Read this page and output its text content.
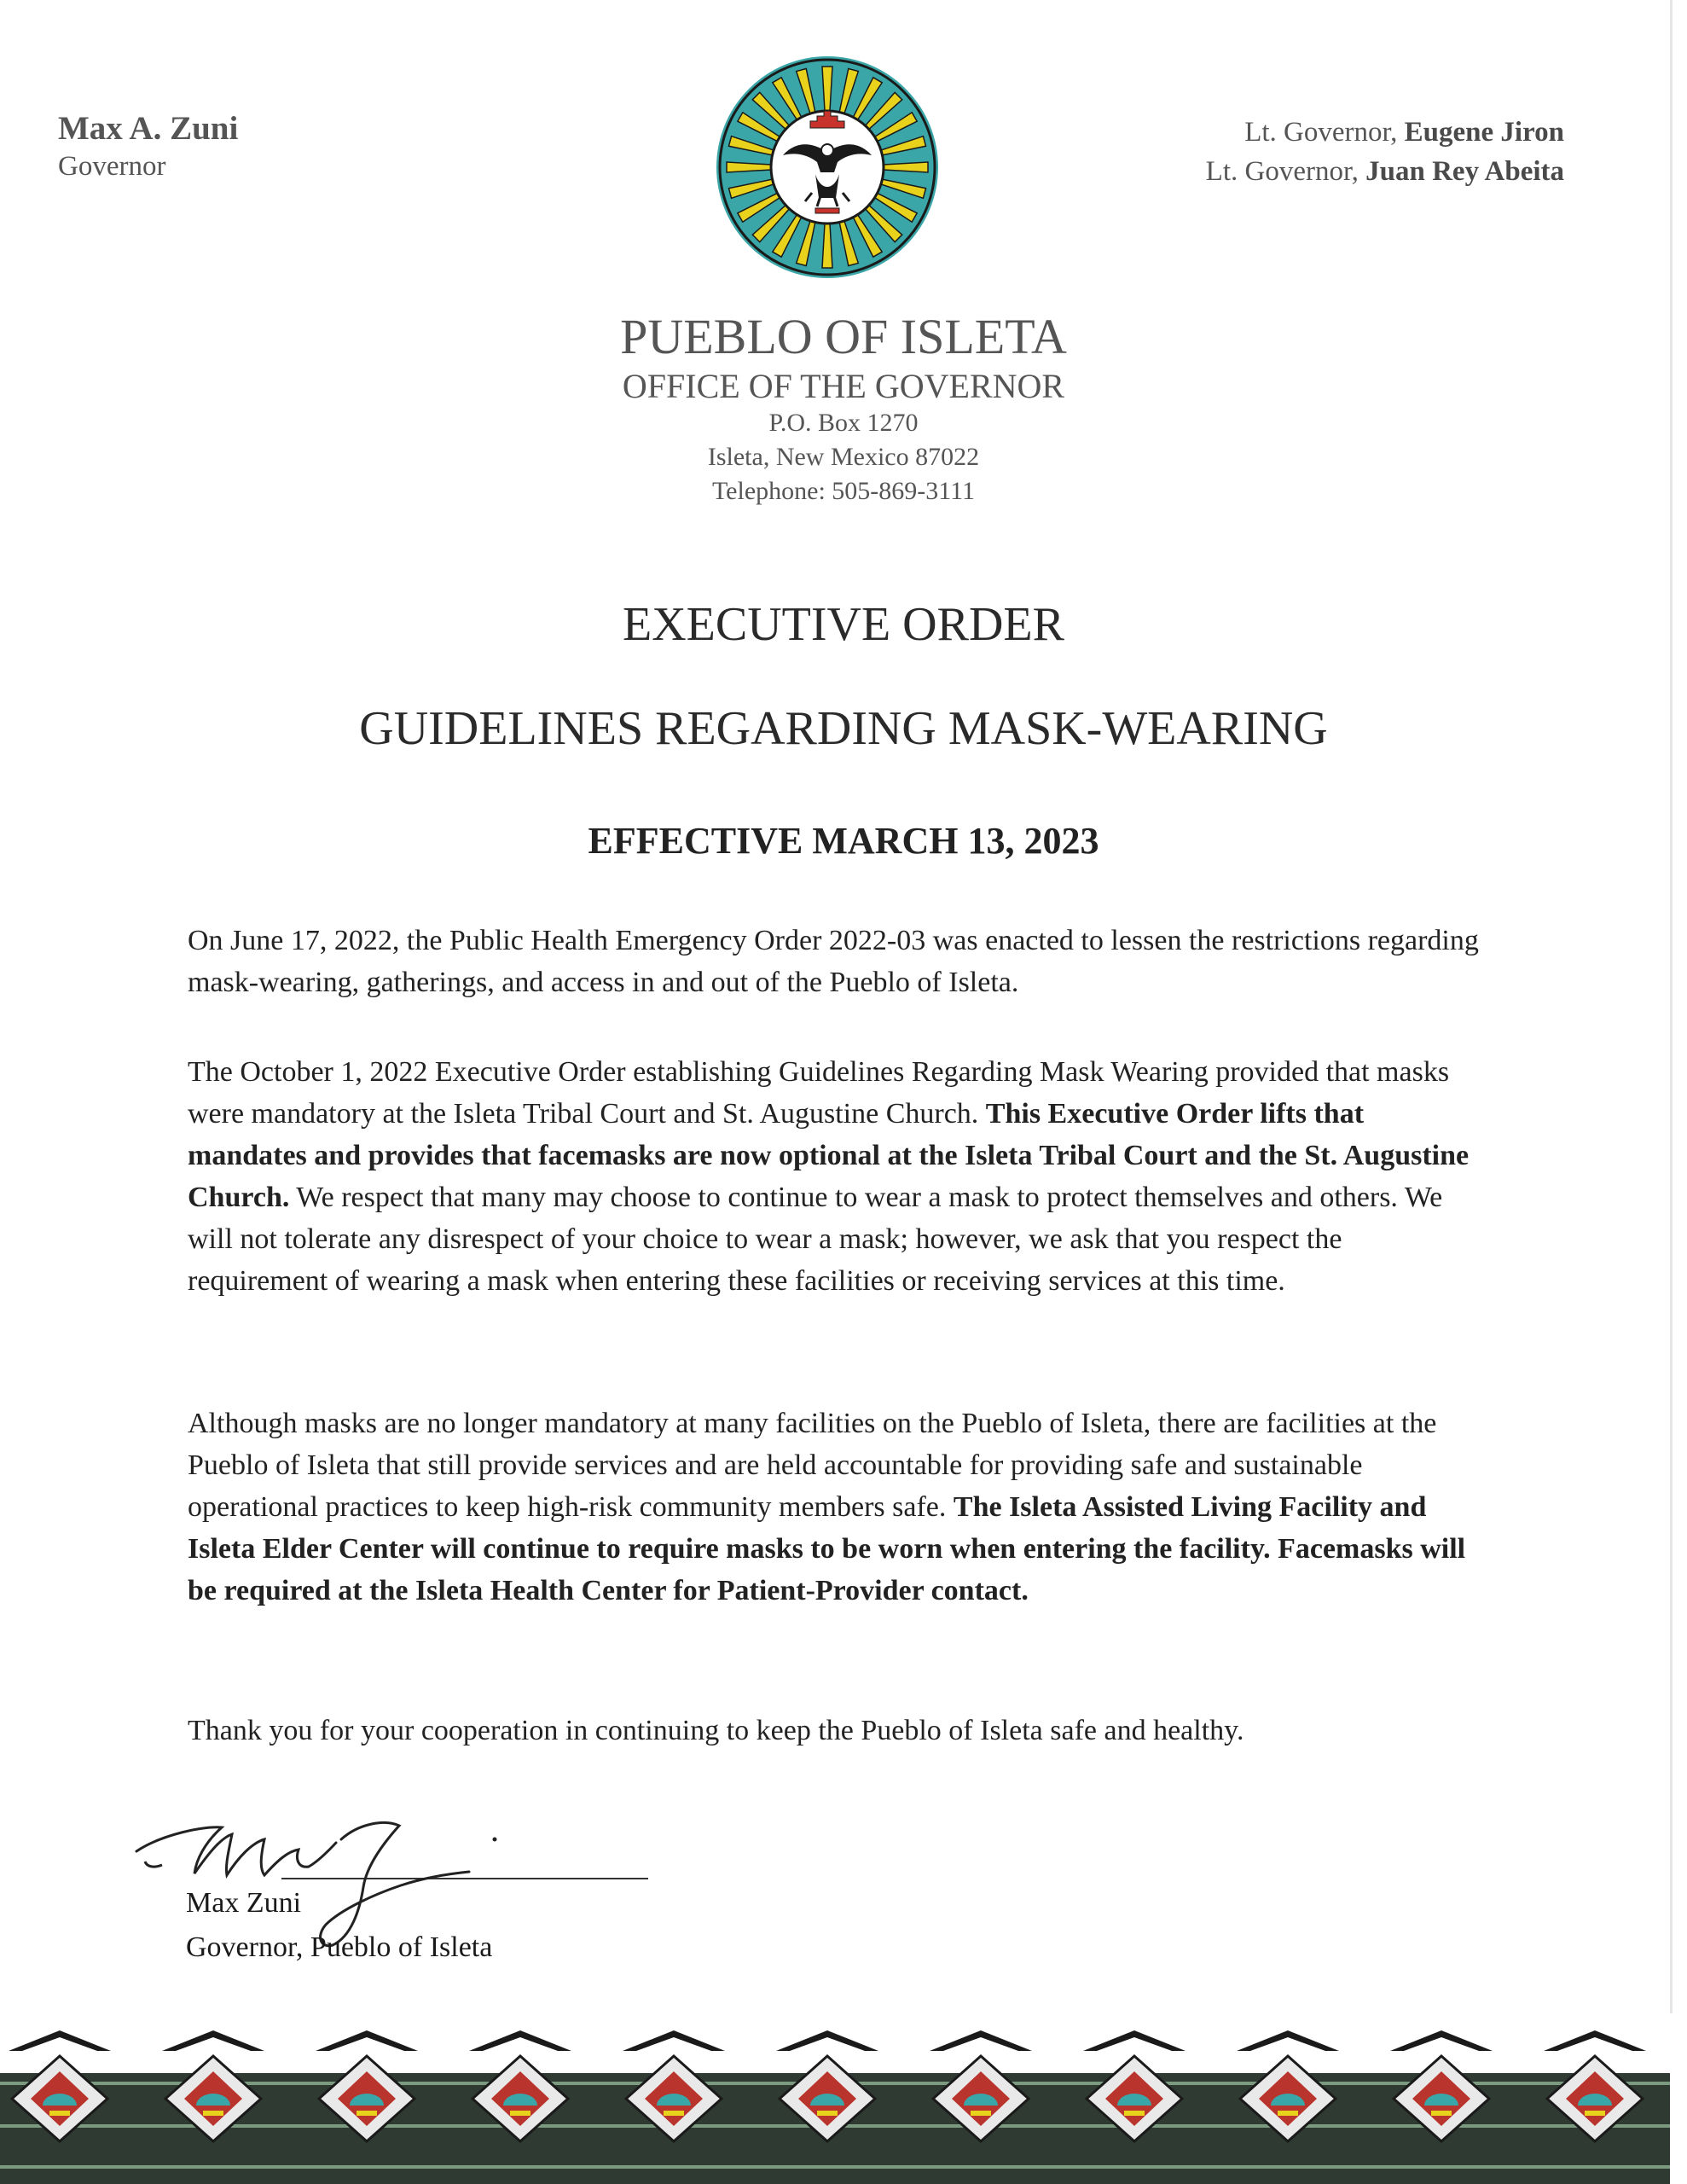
Max A. Zuni
Governor
Lt. Governor, Eugene Jiron
Lt. Governor, Juan Rey Abeita
PUEBLO OF ISLETA
OFFICE OF THE GOVERNOR
P.O. Box 1270
Isleta, New Mexico 87022
Telephone: 505-869-3111
EXECUTIVE ORDER
GUIDELINES REGARDING MASK-WEARING
EFFECTIVE MARCH 13, 2023

On June 17, 2022, the Public Health Emergency Order 2022-03 was enacted to lessen the restrictions regarding mask-wearing, gatherings, and access in and out of the Pueblo of Isleta.

The October 1, 2022 Executive Order establishing Guidelines Regarding Mask Wearing provided that masks were mandatory at the Isleta Tribal Court and St. Augustine Church. This Executive Order lifts that mandates and provides that facemasks are now optional at the Isleta Tribal Court and the St. Augustine Church. We respect that many may choose to continue to wear a mask to protect themselves and others. We will not tolerate any disrespect of your choice to wear a mask; however, we ask that you respect the requirement of wearing a mask when entering these facilities or receiving services at this time.

Although masks are no longer mandatory at many facilities on the Pueblo of Isleta, there are facilities at the Pueblo of Isleta that still provide services and are held accountable for providing safe and sustainable operational practices to keep high-risk community members safe. The Isleta Assisted Living Facility and Isleta Elder Center will continue to require masks to be worn when entering the facility. Facemasks will be required at the Isleta Health Center for Patient-Provider contact.

Thank you for your cooperation in continuing to keep the Pueblo of Isleta safe and healthy.

Max Zuni
Governor, Pueblo of Isleta
